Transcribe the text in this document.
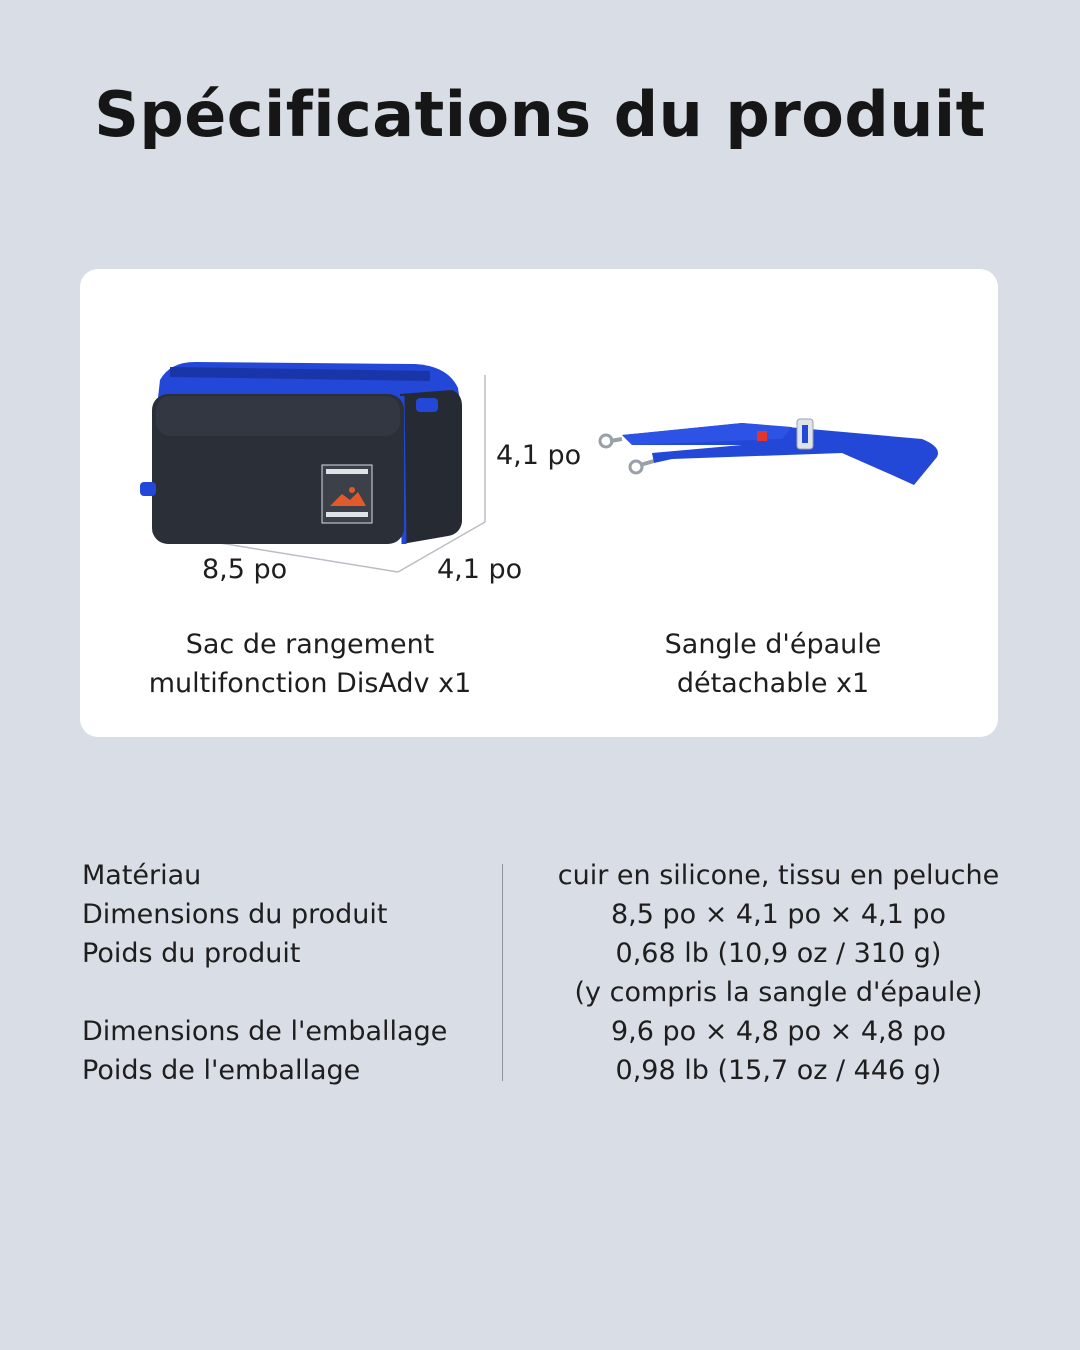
Spécifications du produit
4,1 po
8,5 po	4,1 po
Sac de rangement
multifonction DisAdv x1
Sangle d'épaule
détachable x1
Matériau
Dimensions du produit
Poids du produit
Dimensions de l'emballage
Poids de l'emballage
cuir en silicone, tissu en peluche
8,5 po × 4,1 po × 4,1 po
0,68 lb (10,9 oz / 310 g)
(y compris la sangle d'épaule)
9,6 po × 4,8 po × 4,8 po
0,98 lb (15,7 oz / 446 g)
